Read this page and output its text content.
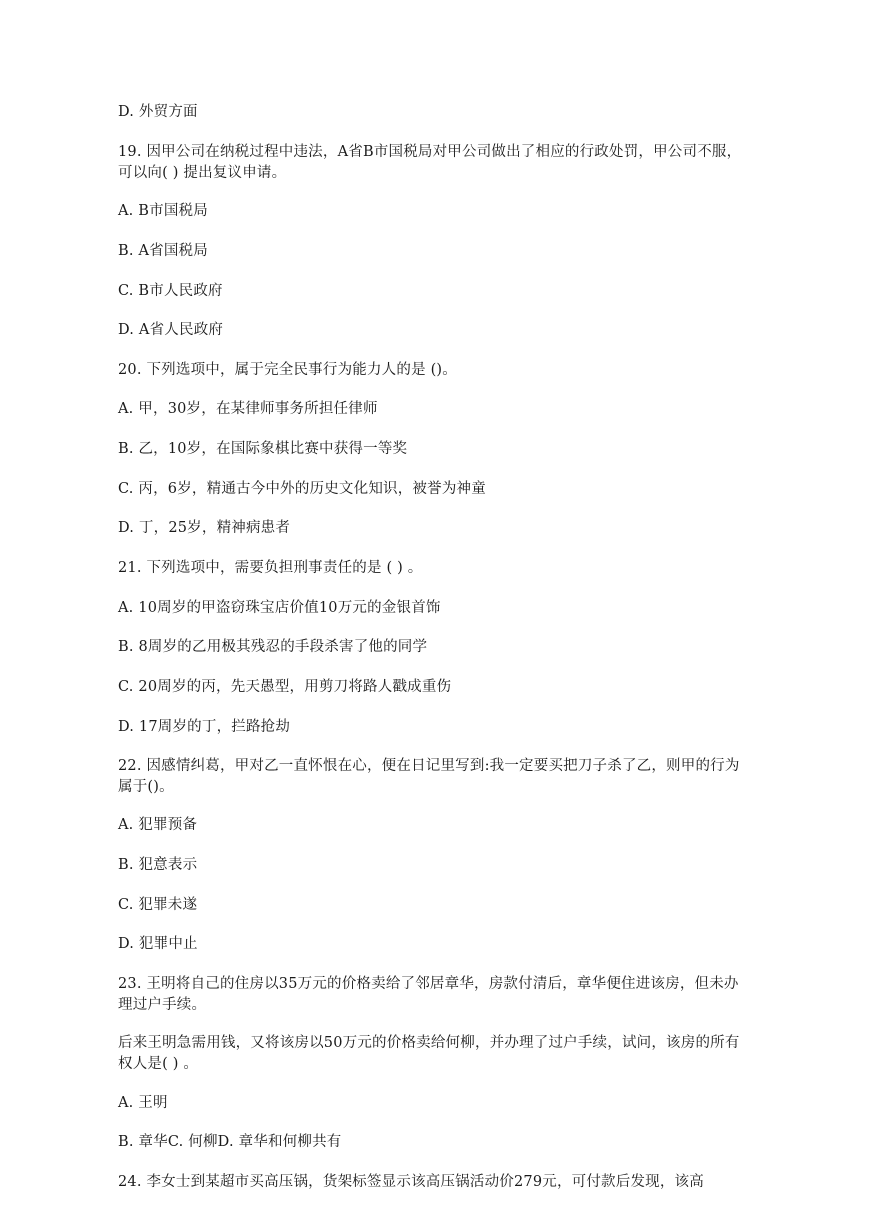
D. 外贸方面
19. 因甲公司在纳税过程中违法，A省B市国税局对甲公司做出了相应的行政处罚，甲公司不服，可以向( ) 提出复议申请。
A. B市国税局
B. A省国税局
C. B市人民政府
D. A省人民政府
20. 下列选项中，属于完全民事行为能力人的是 ()。
A. 甲，30岁，在某律师事务所担任律师
B. 乙，10岁，在国际象棋比赛中获得一等奖
C. 丙，6岁，精通古今中外的历史文化知识，被誉为神童
D. 丁，25岁，精神病患者
21. 下列选项中，需要负担刑事责任的是 ( ) 。
A. 10周岁的甲盗窃珠宝店价值10万元的金银首饰
B. 8周岁的乙用极其残忍的手段杀害了他的同学
C. 20周岁的丙，先天愚型，用剪刀将路人戳成重伤
D. 17周岁的丁，拦路抢劫
22. 因感情纠葛，甲对乙一直怀恨在心，便在日记里写到:我一定要买把刀子杀了乙，则甲的行为属于()。
A. 犯罪预备
B. 犯意表示
C. 犯罪未遂
D. 犯罪中止
23. 王明将自己的住房以35万元的价格卖给了邻居章华，房款付清后，章华便住进该房，但未办理过户手续。
后来王明急需用钱，又将该房以50万元的价格卖给何柳，并办理了过户手续，试问，该房的所有权人是( ) 。
A. 王明
B. 章华C. 何柳D. 章华和何柳共有
24. 李女士到某超市买高压锅，货架标签显示该高压锅活动价279元，可付款后发现，该高
